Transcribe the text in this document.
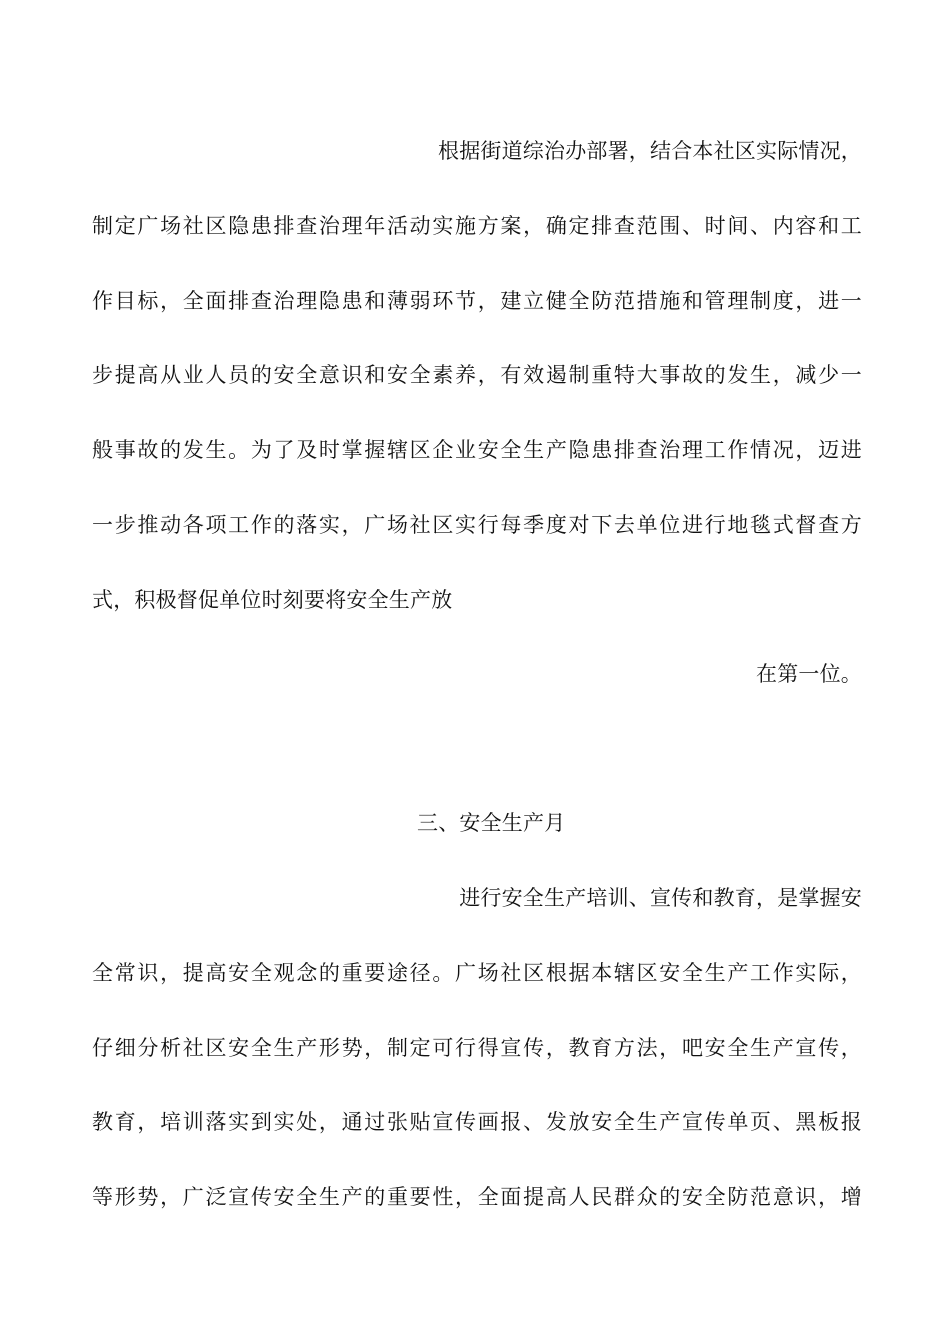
根据街道综治办部署，结合本社区实际情况，
制定广场社区隐患排查治理年活动实施方案，确定排查范围、时间、内容和工
作目标，全面排查治理隐患和薄弱环节，建立健全防范措施和管理制度，进一
步提高从业人员的安全意识和安全素养，有效遏制重特大事故的发生，减少一
般事故的发生。为了及时掌握辖区企业安全生产隐患排查治理工作情况，迈进
一步推动各项工作的落实，广场社区实行每季度对下去单位进行地毯式督查方
式，积极督促单位时刻要将安全生产放
在第一位。
三、安全生产月
进行安全生产培训、宣传和教育，是掌握安
全常识，提高安全观念的重要途径。广场社区根据本辖区安全生产工作实际，
仔细分析社区安全生产形势，制定可行得宣传，教育方法，吧安全生产宣传，
教育，培训落实到实处，通过张贴宣传画报、发放安全生产宣传单页、黑板报
等形势，广泛宣传安全生产的重要性，全面提高人民群众的安全防范意识，增
